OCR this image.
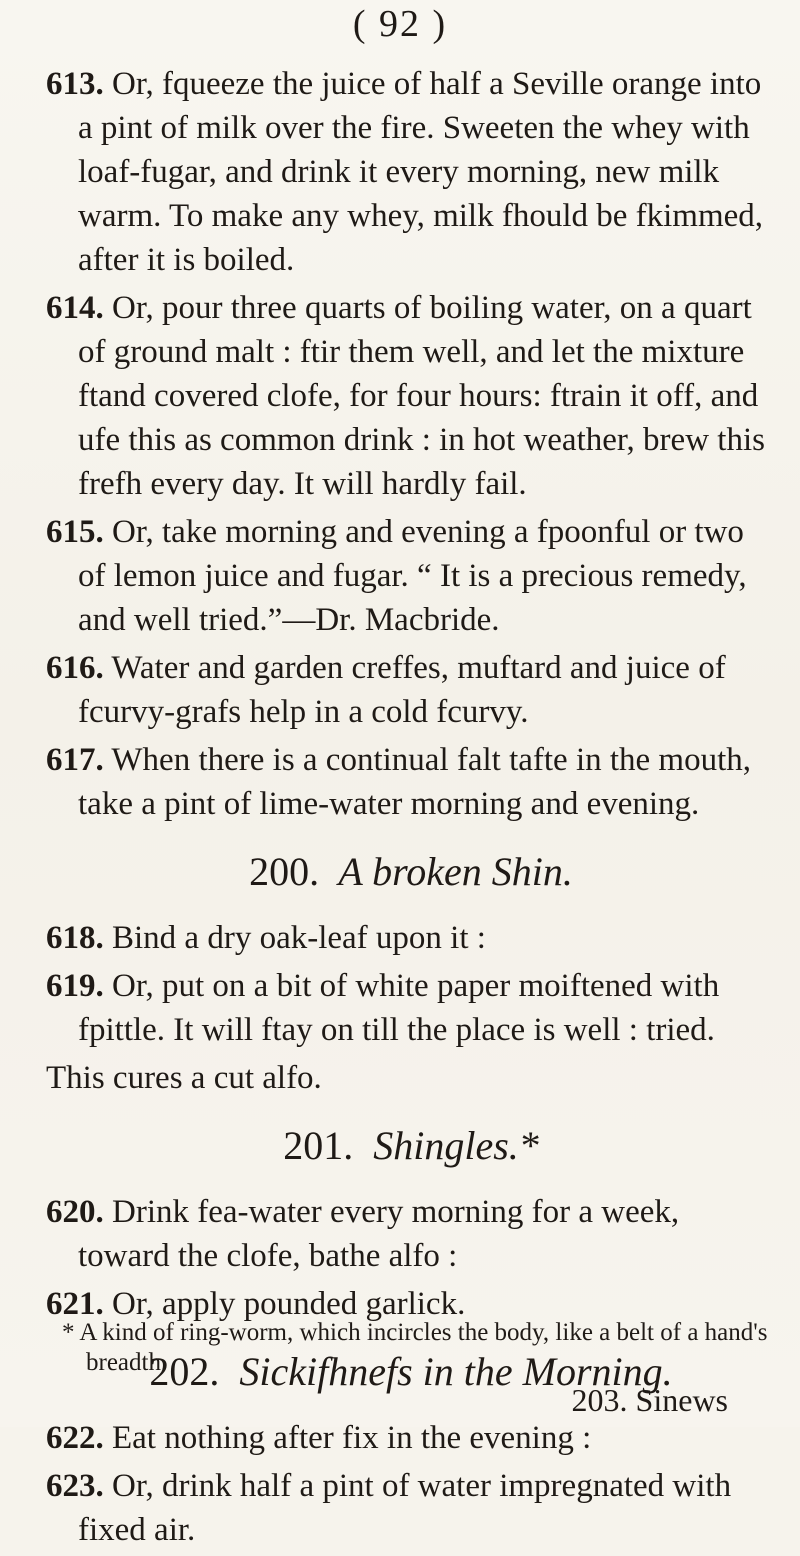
( 92 )
613. Or, fqueeze the juice of half a Seville orange into a pint of milk over the fire. Sweeten the whey with loaf-fugar, and drink it every morning, new milk warm. To make any whey, milk fhould be fkimmed, after it is boiled.
614. Or, pour three quarts of boiling water, on a quart of ground malt : ftir them well, and let the mixture ftand covered clofe, for four hours: ftrain it off, and ufe this as common drink : in hot weather, brew this frefh every day. It will hardly fail.
615. Or, take morning and evening a fpoonful or two of lemon juice and fugar. “ It is a precious remedy, and well tried.”—Dr. Macbride.
616. Water and garden creffes, muftard and juice of fcurvy-grafs help in a cold fcurvy.
617. When there is a continual falt tafte in the mouth, take a pint of lime-water morning and evening.
200. A broken Shin.
618. Bind a dry oak-leaf upon it :
619. Or, put on a bit of white paper moiftened with fpittle. It will ftay on till the place is well : tried.
This cures a cut alfo.
201. Shingles.*
620. Drink fea-water every morning for a week, toward the clofe, bathe alfo :
621. Or, apply pounded garlick.
202. Sickifhnefs in the Morning.
622. Eat nothing after fix in the evening :
623. Or, drink half a pint of water impregnated with fixed air.
* A kind of ring-worm, which incircles the body, like a belt of a hand's breadth.
203. Sinews
